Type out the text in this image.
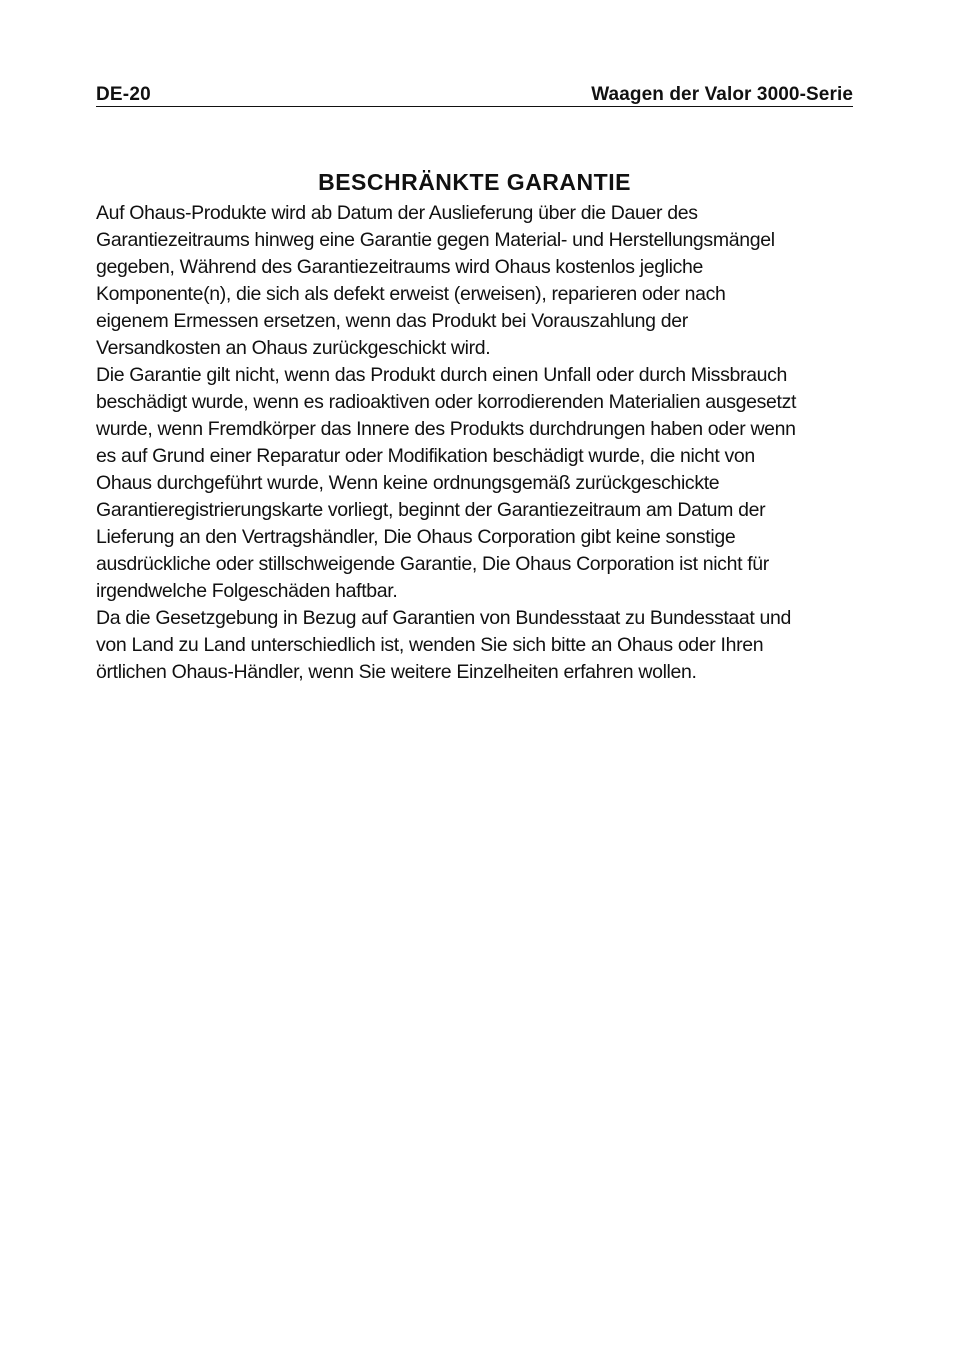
DE-20	Waagen der Valor 3000-Serie
BESCHRÄNKTE GARANTIE

Auf Ohaus-Produkte wird ab Datum der Auslieferung über die Dauer des
Garantiezeitraums hinweg eine Garantie gegen Material- und Herstellungsmängel
gegeben, Während des Garantiezeitraums wird Ohaus kostenlos jegliche
Komponente(n), die sich als defekt erweist (erweisen), reparieren oder nach
eigenem Ermessen ersetzen, wenn das Produkt bei Vorauszahlung der
Versandkosten an Ohaus zurückgeschickt wird.

Die Garantie gilt nicht, wenn das Produkt durch einen Unfall oder durch Missbrauch
beschädigt wurde, wenn es radioaktiven oder korrodierenden Materialien ausgesetzt
wurde, wenn Fremdkörper das Innere des Produkts durchdrungen haben oder wenn
es auf Grund einer Reparatur oder Modifikation beschädigt wurde, die nicht von
Ohaus durchgeführt wurde, Wenn keine ordnungsgemäß zurückgeschickte
Garantieregistrierungskarte vorliegt, beginnt der Garantiezeitraum am Datum der
Lieferung an den Vertragshändler, Die Ohaus Corporation gibt keine sonstige
ausdrückliche oder stillschweigende Garantie, Die Ohaus Corporation ist nicht für
irgendwelche Folgeschäden haftbar.

Da die Gesetzgebung in Bezug auf Garantien von Bundesstaat zu Bundesstaat und
von Land zu Land unterschiedlich ist, wenden Sie sich bitte an Ohaus oder Ihren
örtlichen Ohaus-Händler, wenn Sie weitere Einzelheiten erfahren wollen.
